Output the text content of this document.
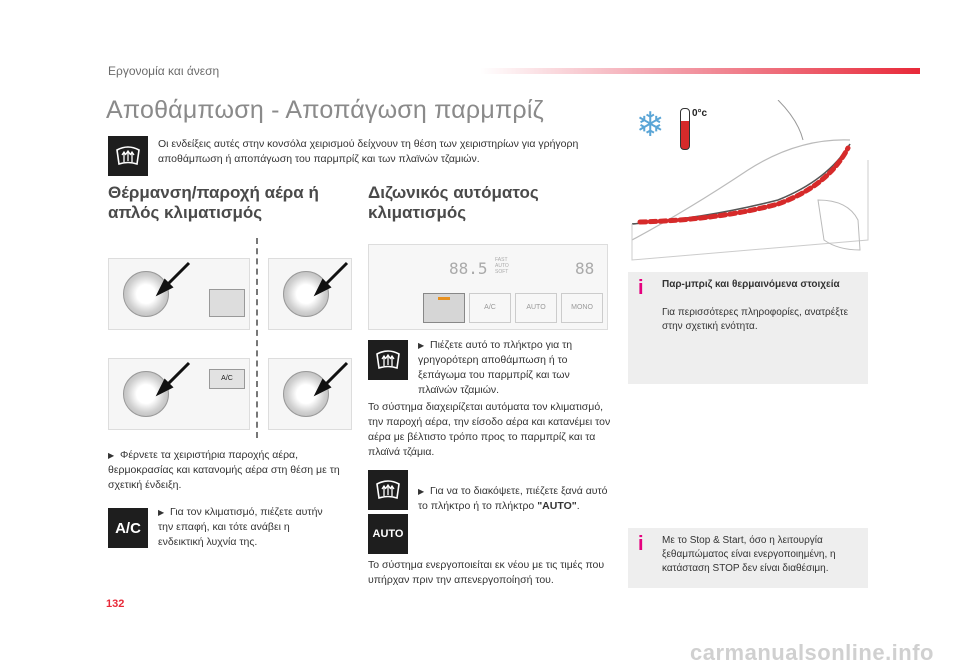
Εργονομία και άνεση
Αποθάμπωση - Αποπάγωση παρμπρίζ
Οι ενδείξεις αυτές στην κονσόλα χειρισμού δείχνουν τη θέση των χειριστηρίων για γρήγορη αποθάμπωση ή αποπάγωση του παρμπρίζ και των πλαϊνών τζαμιών.
Θέρμανση/παροχή αέρα ή
απλός κλιματισμός
A/C
▶ Φέρνετε τα χειριστήρια παροχής αέρα, θερμοκρασίας και κατανομής αέρα στη θέση με τη σχετική ένδειξη.
A/C
▶ Για τον κλιματισμό, πιέζετε αυτήν την επαφή, και τότε ανάβει η ενδεικτική λυχνία της.
Διζωνικός αυτόματος
κλιματισμός
88.5 FAST AUTO SOFT	88
A/C	AUTO	MONO
▶ Πιέζετε αυτό το πλήκτρο για τη γρηγορότερη αποθάμπωση ή το ξεπάγωμα του παρμπρίζ και των πλαϊνών τζαμιών.
Το σύστημα διαχειρίζεται αυτόματα τον κλιματισμό, την παροχή αέρα, την είσοδο αέρα και κατανέμει τον αέρα με βέλτιστο τρόπο προς το παρμπρίζ και τα πλαϊνά τζάμια.
AUTO
▶ Για να το διακόψετε, πιέζετε ξανά αυτό το πλήκτρο ή το πλήκτρο "AUTO".
Το σύστημα ενεργοποιείται εκ νέου με τις τιμές που υπήρχαν πριν την απενεργοποίησή του.
❄	0°c
i Παρ-μπριζ και θερμαινόμενα στοιχεία
Για περισσότερες πληροφορίες, ανατρέξτε στην σχετική ενότητα.
i Με το Stop & Start, όσο η λειτουργία ξεθαμπώματος είναι ενεργοποιημένη, η κατάσταση STOP δεν είναι διαθέσιμη.
132
carmanualsonline.info
